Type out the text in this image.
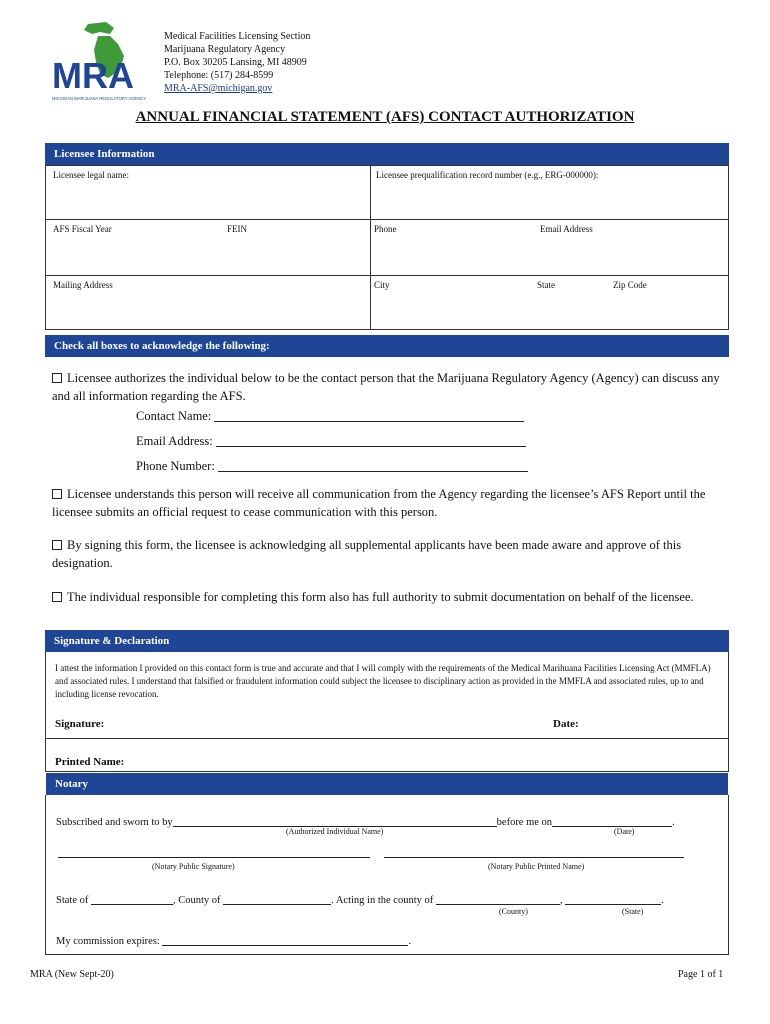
MRA
MICHIGAN MARIJUANA REGULATORY AGENCY
Medical Facilities Licensing Section
Marijuana Regulatory Agency
P.O. Box 30205 Lansing, MI 48909
Telephone: (517) 284-8599
MRA-AFS@michigan.gov
ANNUAL FINANCIAL STATEMENT (AFS) CONTACT AUTHORIZATION
Licensee Information
Licensee legal name:	Licensee prequalification record number (e.g., ERG-000000):
AFS Fiscal Year	FEIN	Phone	Email Address
Mailing Address	City	State	Zip Code
Check all boxes to acknowledge the following:
Licensee authorizes the individual below to be the contact person that the Marijuana Regulatory Agency (Agency) can discuss any and all information regarding the AFS.
Contact Name:
Email Address:
Phone Number:
Licensee understands this person will receive all communication from the Agency regarding the licensee’s AFS Report until the licensee submits an official request to cease communication with this person.
By signing this form, the licensee is acknowledging all supplemental applicants have been made aware and approve of this designation.
The individual responsible for completing this form also has full authority to submit documentation on behalf of the licensee.
Signature & Declaration
I attest the information I provided on this contact form is true and accurate and that I will comply with the requirements of the Medical Marihuana Facilities Licensing Act (MMFLA) and associated rules. I understand that falsified or fraudulent information could subject the licensee to disciplinary action as provided in the MMFLA and associated rules, up to and including license revocation.
Signature:	Date:
Printed Name:
Notary
Subscribed and sworn to by	before me on	.
(Authorized Individual Name)	(Date)
(Notary Public Signature)	(Notary Public Printed Name)
State of	, County of	. Acting in the county of	,	.
(County)	(State)
My commission expires:	.
MRA (New Sept-20)	Page 1 of 1
